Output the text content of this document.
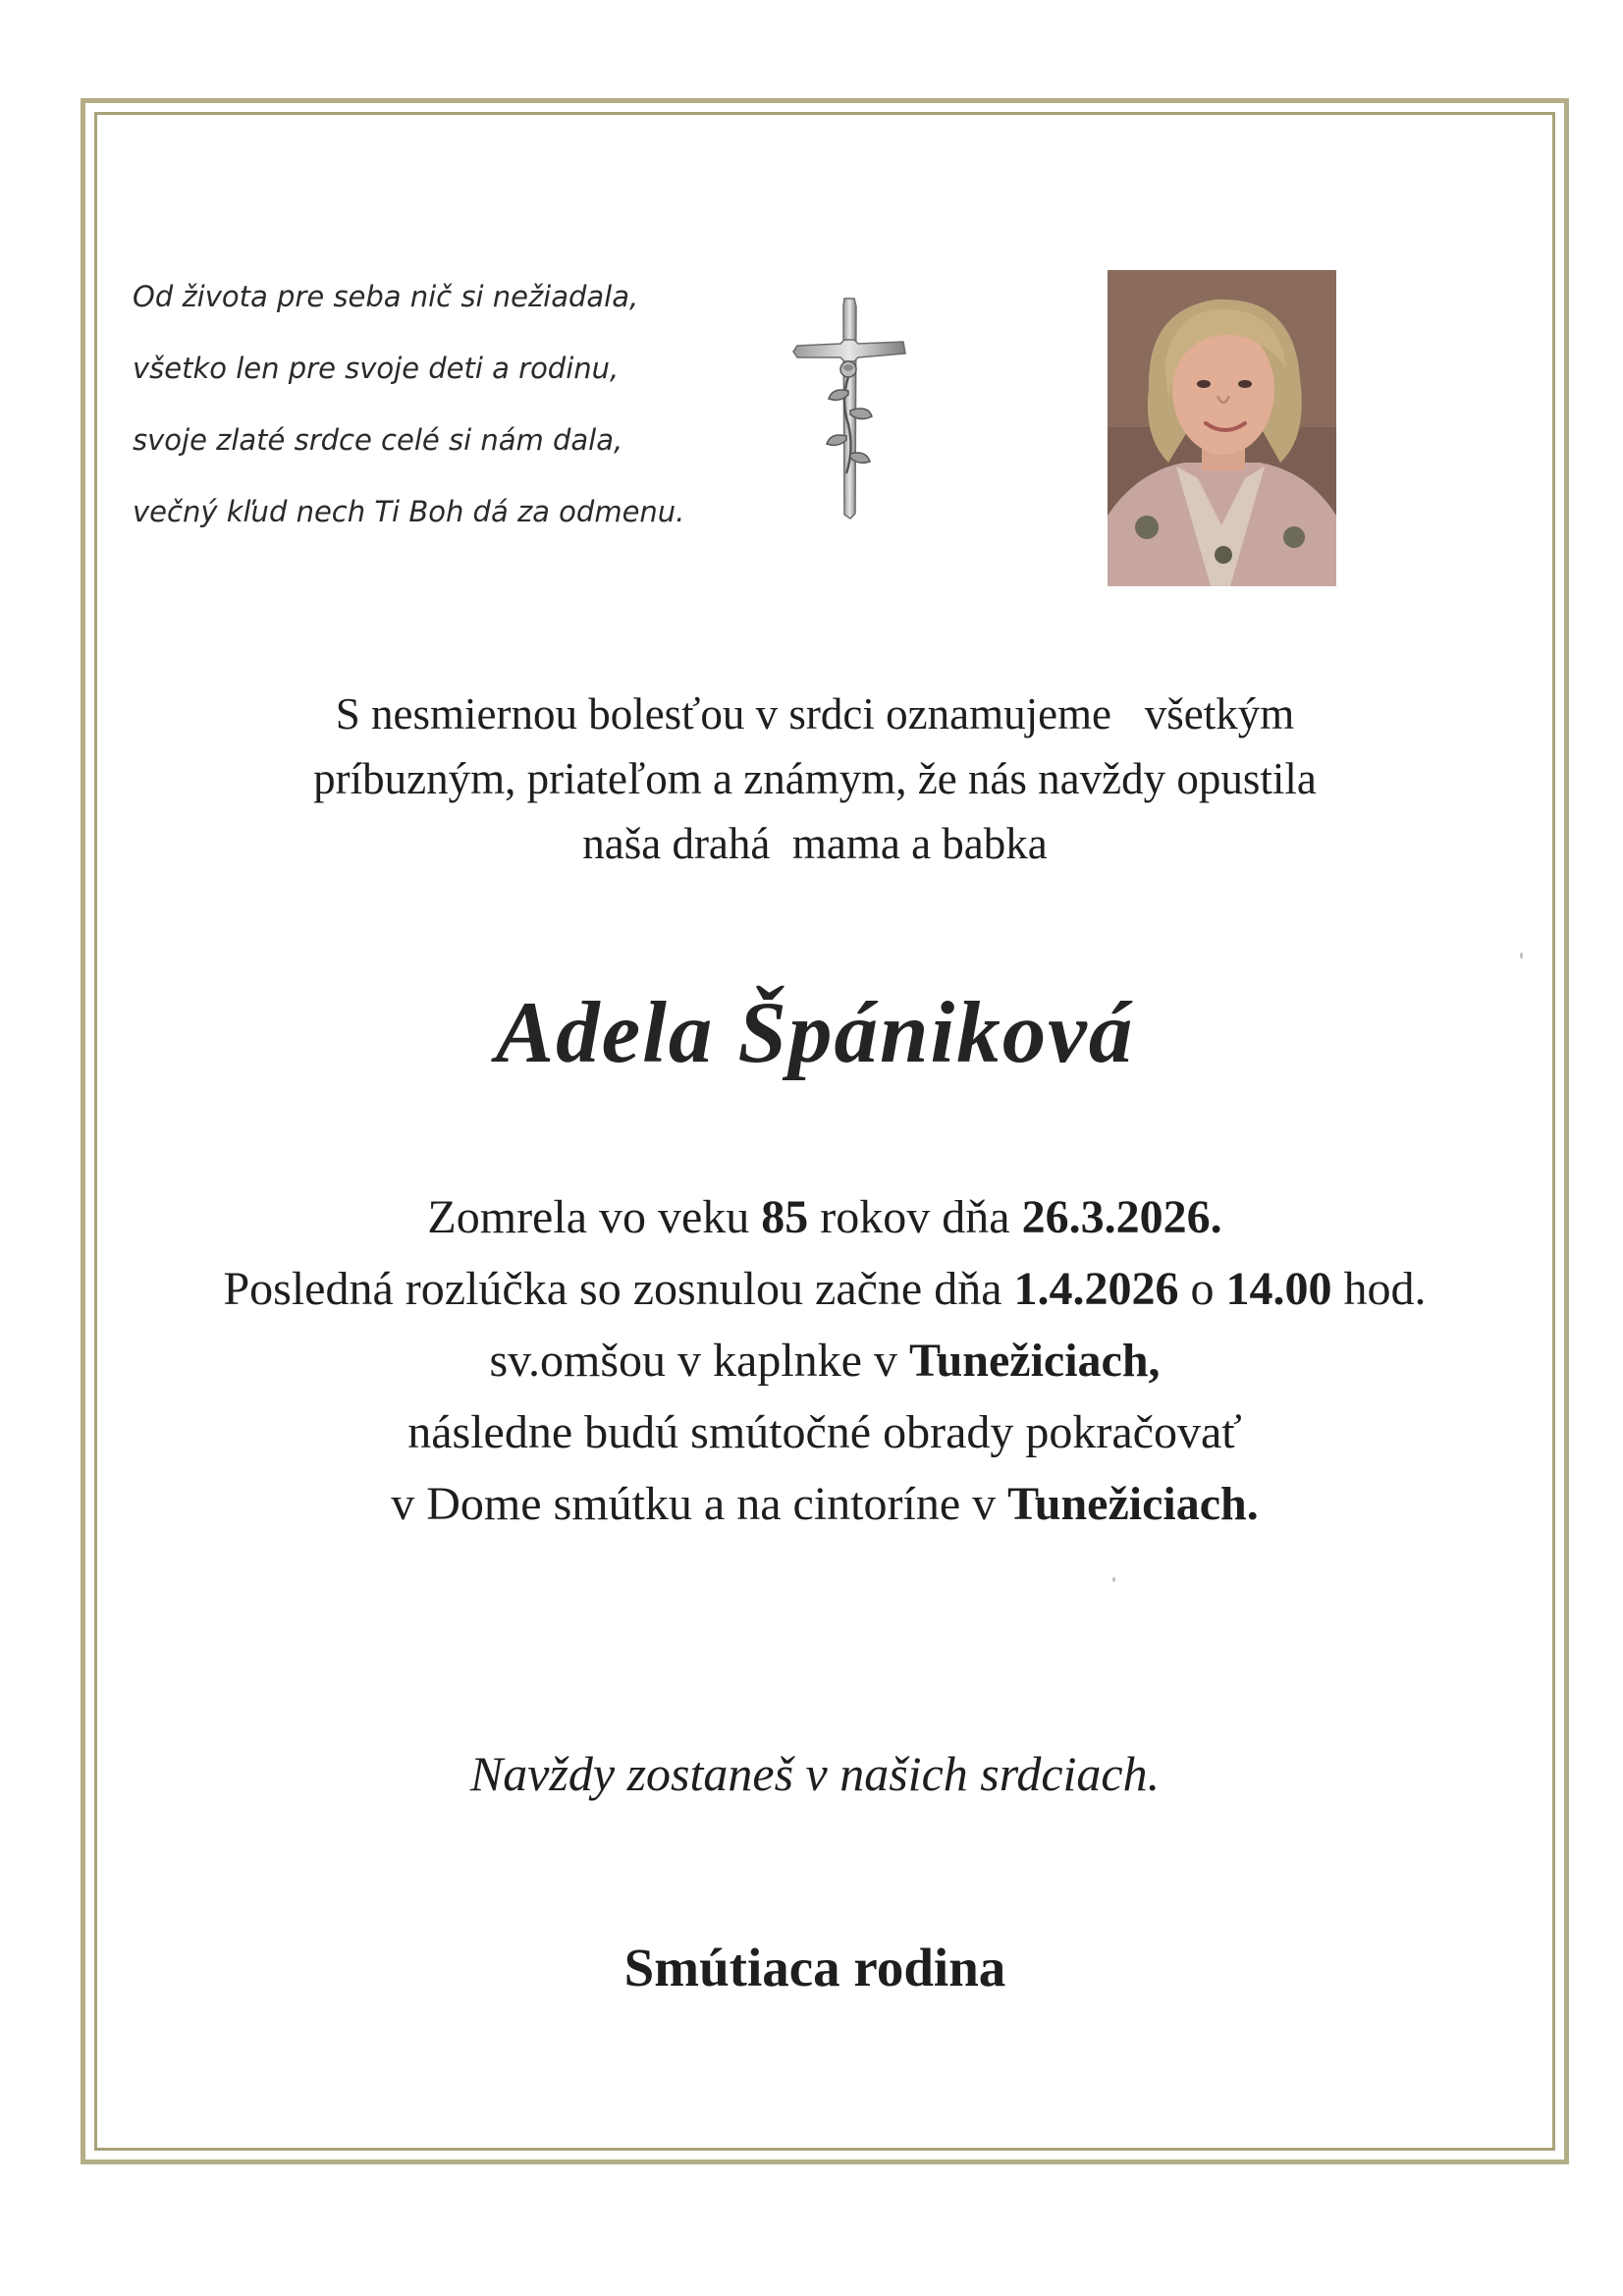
Od života pre seba nič si nežiadala,
všetko len pre svoje deti a rodinu,
svoje zlaté srdce celé si nám dala,
večný kľud nech Ti Boh dá za odmenu.
S nesmiernou bolesťou v srdci oznamujeme   všetkým
príbuzným, priateľom a známym, že nás navždy opustila
naša drahá  mama a babka
Adela Špániková
Zomrela vo veku 85 rokov dňa 26.3.2026.
Posledná rozlúčka so zosnulou začne dňa 1.4.2026 o 14.00 hod.
sv.omšou v kaplnke v Tunežiciach,
následne budú smútočné obrady pokračovať
v Dome smútku a na cintoríne v Tunežiciach.
Navždy zostaneš v našich srdciach.
Smútiaca rodina
